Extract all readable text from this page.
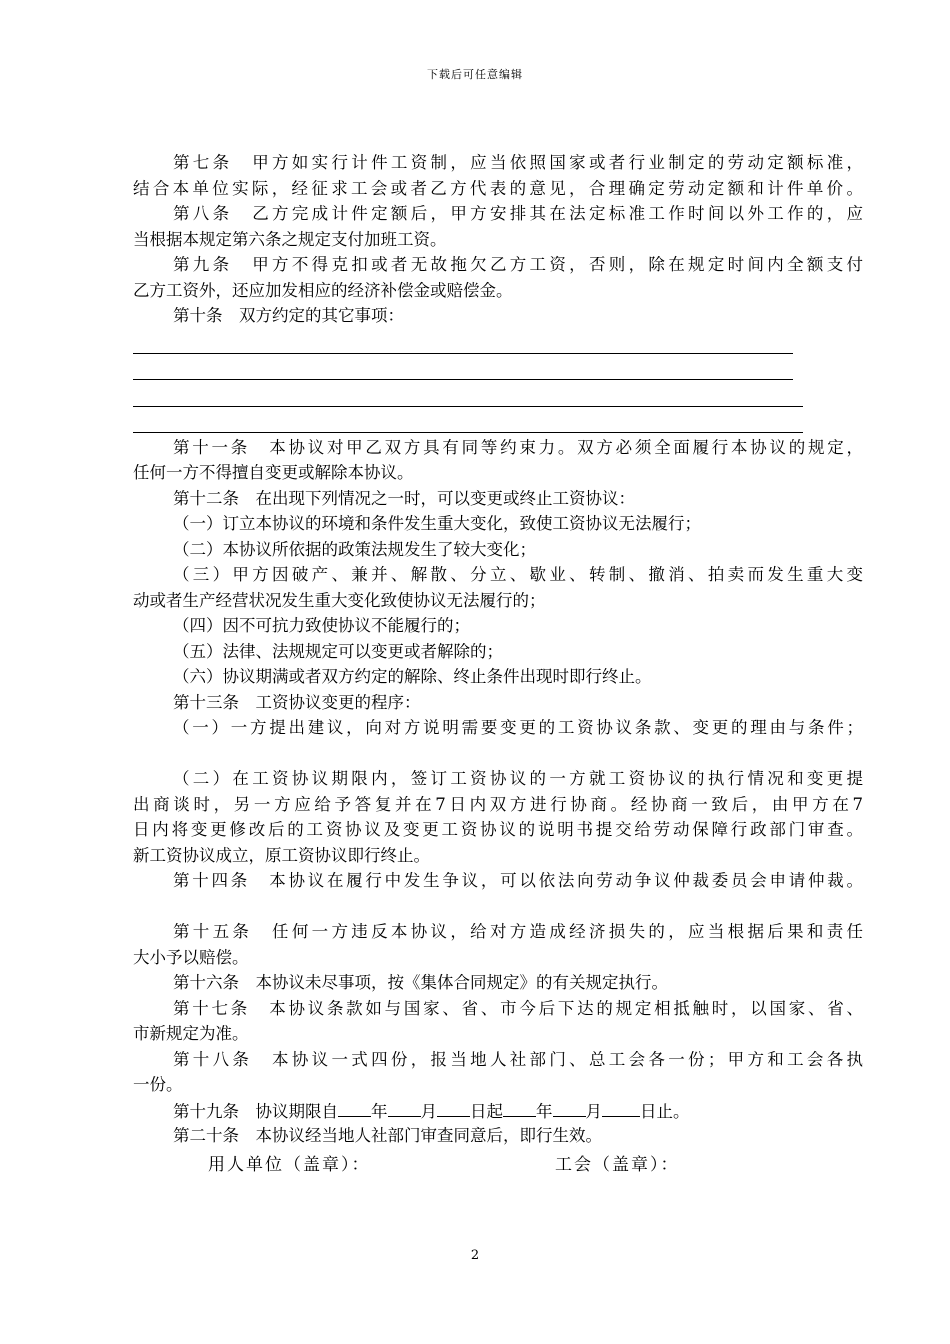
下载后可任意编辑
第七条　甲方如实行计件工资制，应当依照国家或者行业制定的劳动定额标准，
结合本单位实际，经征求工会或者乙方代表的意见，合理确定劳动定额和计件单价。
第八条　乙方完成计件定额后，甲方安排其在法定标准工作时间以外工作的，应
当根据本规定第六条之规定支付加班工资。
第九条　甲方不得克扣或者无故拖欠乙方工资，否则，除在规定时间内全额支付
乙方工资外，还应加发相应的经济补偿金或赔偿金。
第十条　双方约定的其它事项：
第十一条　本协议对甲乙双方具有同等约束力。双方必须全面履行本协议的规定，
任何一方不得擅自变更或解除本协议。
第十二条　在出现下列情况之一时，可以变更或终止工资协议：
（一）订立本协议的环境和条件发生重大变化，致使工资协议无法履行；
（二）本协议所依据的政策法规发生了较大变化；
（三）甲方因破产、兼并、解散、分立、歇业、转制、撤消、拍卖而发生重大变
动或者生产经营状况发生重大变化致使协议无法履行的；
（四）因不可抗力致使协议不能履行的；
（五）法律、法规规定可以变更或者解除的；
（六）协议期满或者双方约定的解除、终止条件出现时即行终止。
第十三条　工资协议变更的程序：
（一）一方提出建议，向对方说明需要变更的工资协议条款、变更的理由与条件；
（二）在工资协议期限内，签订工资协议的一方就工资协议的执行情况和变更提
出商谈时，另一方应给予答复并在7日内双方进行协商。经协商一致后，由甲方在7
日内将变更修改后的工资协议及变更工资协议的说明书提交给劳动保障行政部门审查。
新工资协议成立，原工资协议即行终止。
第十四条　本协议在履行中发生争议，可以依法向劳动争议仲裁委员会申请仲裁。
第十五条　任何一方违反本协议，给对方造成经济损失的，应当根据后果和责任
大小予以赔偿。
第十六条　本协议未尽事项，按《集体合同规定》的有关规定执行。
第十七条　本协议条款如与国家、省、市今后下达的规定相抵触时，以国家、省、
市新规定为准。
第十八条　本协议一式四份，报当地人社部门、总工会各一份；甲方和工会各执
一份。
第十九条　协议期限自 年 月 日起 年 月 日止。
第二十条　本协议经当地人社部门审查同意后，即行生效。
用人单位（盖章）：	工会（盖章）：
2
